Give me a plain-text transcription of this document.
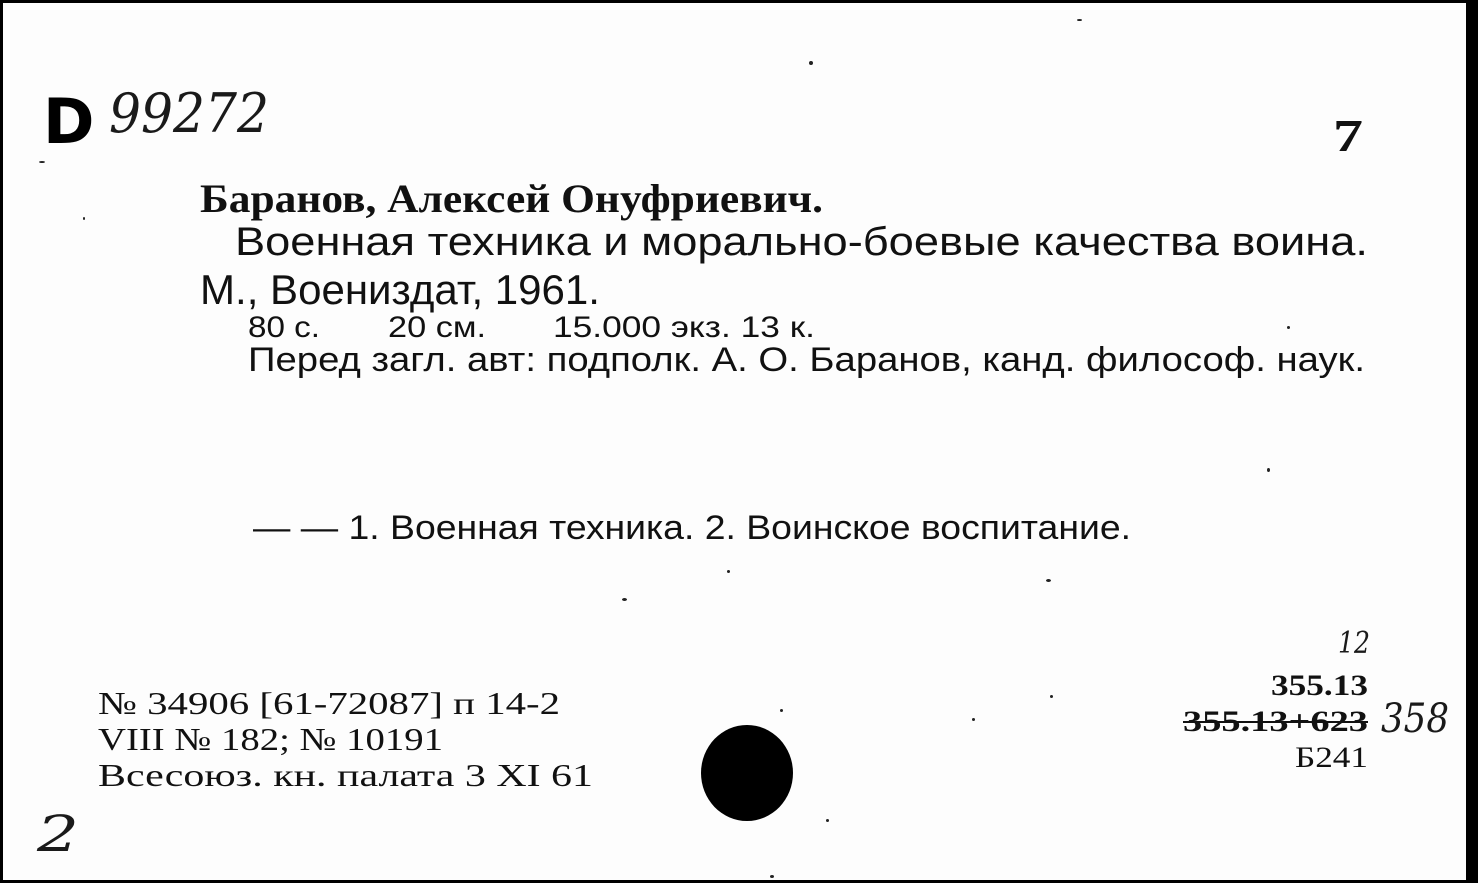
D 99272	7
Баранов, Алексей Онуфриевич.
Военная техника и морально-боевые качества воина.
М., Воениздат, 1961.
80 с. 20 см. 15.000 экз. 13 к.
Перед загл. авт: подполк. А. О. Баранов, канд. философ. наук.
— — 1. Военная техника. 2. Воинское воспитание.
№ 34906 [61-72087] п 14-2
VIII № 182; № 10191
Всесоюз. кн. палата 3 XI 61
12
355.13
355.13+623 358
Б241
2
